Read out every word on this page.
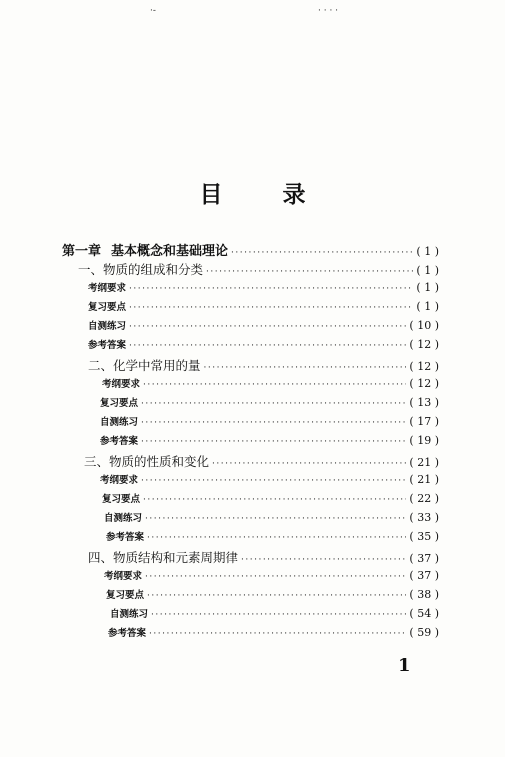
·-	· · · ·
目 录
第一章 基本概念和基础理论 ·····	( 1 )
一、物质的组成和分类 ·····	( 1 )
考纲要求 ·····	( 1 )
复习要点 ·····	( 1 )
自测练习 ·····	( 10 )
参考答案 ·····	( 12 )
二、化学中常用的量 ·····	( 12 )
考纲要求 ·····	( 12 )
复习要点 ·····	( 13 )
自测练习 ·····	( 17 )
参考答案 ·····	( 19 )
三、物质的性质和变化 ·····	( 21 )
考纲要求 ·····	( 21 )
复习要点 ·····	( 22 )
自测练习 ·····	( 33 )
参考答案 ·····	( 35 )
四、物质结构和元素周期律 ·····	( 37 )
考纲要求 ·····	( 37 )
复习要点 ·····	( 38 )
自测练习 ·····	( 54 )
参考答案 ·····	( 59 )
1
